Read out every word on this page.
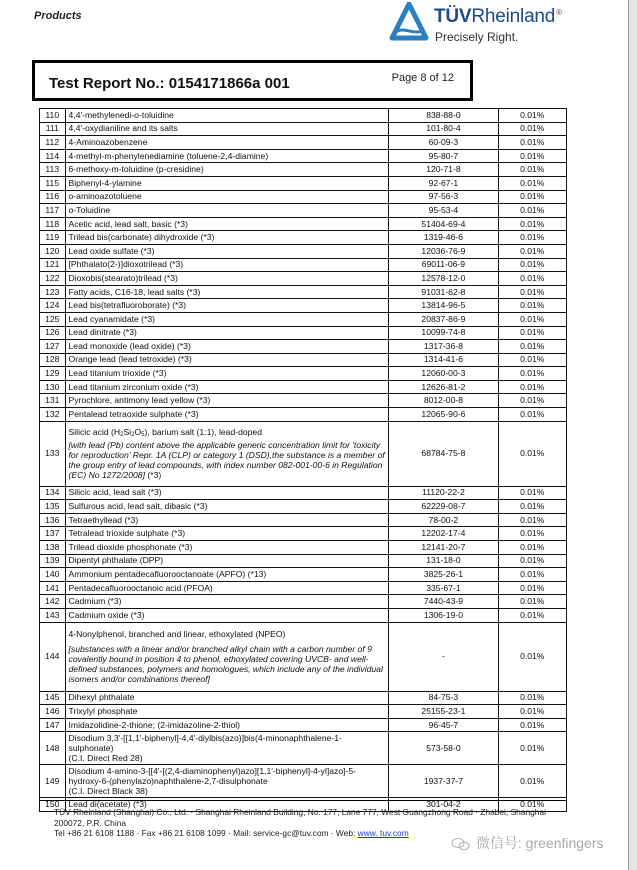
Products	TÜVRheinland®
Precisely Right.
Test Report No.: 0154171866a 001	Page 8 of 12
110	4,4'-methylenedi-o-toluidine	838-88-0	0.01%
111	4,4'-oxydianiline and its salts	101-80-4	0.01%
112	4-Aminoazobenzene	60-09-3	0.01%
114	4-methyl-m-phenylenediamine (toluene-2,4-diamine)	95-80-7	0.01%
113	6-methoxy-m-toluidine (p-cresidine)	120-71-8	0.01%
115	Biphenyl-4-ylamine	92-67-1	0.01%
116	o-aminoazotoluene	97-56-3	0.01%
117	o-Toluidine	95-53-4	0.01%
118	Acetic acid, lead salt, basic (*3)	51404-69-4	0.01%
119	Trilead bis(carbonate) dihydroxide (*3)	1319-46-6	0.01%
120	Lead oxide sulfate (*3)	12036-76-9	0.01%
121	[Phthalato(2-)]dioxotrilead (*3)	69011-06-9	0.01%
122	Dioxobis(stearato)trilead (*3)	12578-12-0	0.01%
123	Fatty acids, C16-18, lead salts (*3)	91031-62-8	0.01%
124	Lead bis(tetrafluoroborate) (*3)	13814-96-5	0.01%
125	Lead cyanamidate (*3)	20837-86-9	0.01%
126	Lead dinitrate (*3)	10099-74-8	0.01%
127	Lead monoxide (lead oxide) (*3)	1317-36-8	0.01%
128	Orange lead (lead tetroxide) (*3)	1314-41-6	0.01%
129	Lead titanium trioxide (*3)	12060-00-3	0.01%
130	Lead titanium zirconium oxide (*3)	12626-81-2	0.01%
131	Pyrochlore, antimony lead yellow (*3)	8012-00-8	0.01%
132	Pentalead tetraoxide sulphate (*3)	12065-90-6	0.01%
133	Silicic acid (H2Si2O5), barium salt (1:1), lead-doped
[with lead (Pb) content above the applicable generic concentration limit for 'toxicity for reproduction' Repr. 1A (CLP) or category 1 (DSD),the substance is a member of the group entry of lead compounds, with index number 082-001-00-6 in Regulation (EC) No 1272/2008] (*3)	68784-75-8	0.01%
134	Silicic acid, lead salt (*3)	11120-22-2	0.01%
135	Sulfurous acid, lead salt, dibasic (*3)	62229-08-7	0.01%
136	Tetraethyllead (*3)	78-00-2	0.01%
137	Tetralead trioxide sulphate (*3)	12202-17-4	0.01%
138	Trilead dioxide phosphonate (*3)	12141-20-7	0.01%
139	Dipentyl phthalate (DPP)	131-18-0	0.01%
140	Ammonium pentadecafluorooctanoate (APFO) (*13)	3825-26-1	0.01%
141	Pentadecafluorooctanoic acid (PFOA)	335-67-1	0.01%
142	Cadmium (*3)	7440-43-9	0.01%
143	Cadmium oxide (*3)	1306-19-0	0.01%
144	4-Nonylphenol, branched and linear, ethoxylated (NPEO)

[substances with a linear and/or branched alkyl chain with a carbon number of 9 covalently bound in position 4 to phenol, ethoxylated covering UVCB- and well-defined substances, polymers and homologues, which include any of the individual isomers and/or combinations thereof]	-	0.01%
145	Dihexyl phthalate	84-75-3	0.01%
146	Trixylyl phosphate	25155-23-1	0.01%
147	Imidazolidine-2-thione; (2-imidazoline-2-thiol)	96-45-7	0.01%
148	Disodium 3,3'-[[1,1'-biphenyl]-4,4'-diylbis(azo)]bis(4-minonaphthalene-1-
sulphonate)
(C.I. Direct Red 28)	573-58-0	0.01%
149	Disodium 4-amino-3-[[4'-[(2,4-diaminophenyl)azo][1,1'-biphenyl]-4-yl]azo]-5-
hydroxy-6-(phenylazo)naphthalene-2,7-disulphonate
(C.I. Direct Black 38)	1937-37-7	0.01%
150	Lead di(acetate) (*3)	301-04-2	0.01%
TÜV Rheinland (Shanghai) Co., Ltd. · Shanghai Rheinland Building, No. 177, Lane 777, West Guangzhong Road · Zhabei, Shanghai
200072, P.R. China
Tel +86 21 6108 1188 · Fax +86 21 6108 1099 · Mail: service-gc@tuv.com · Web: www. tuv.com
微信号: greenfingers
